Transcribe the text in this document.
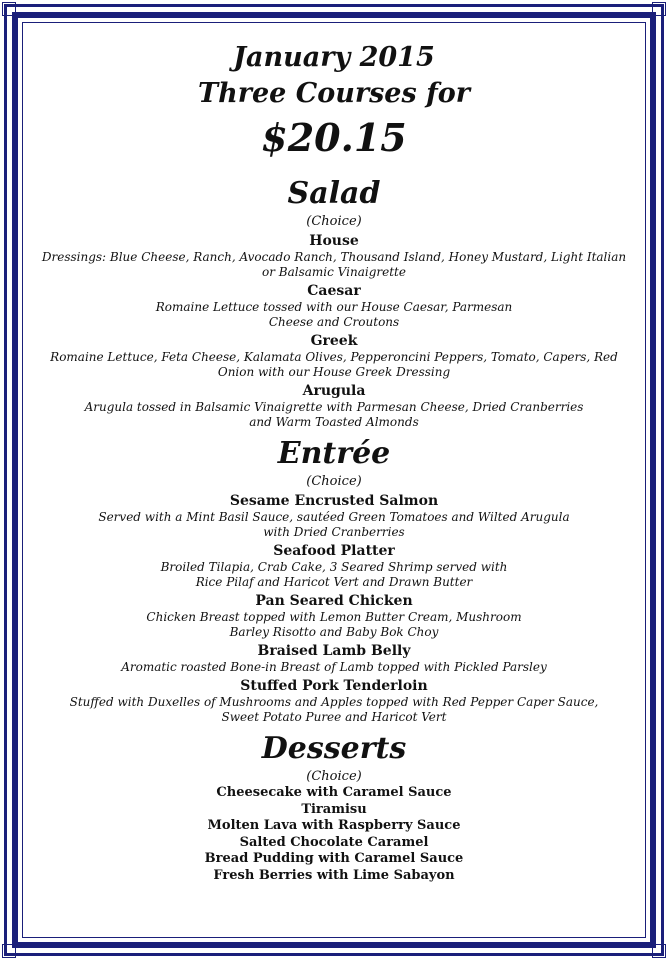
January 2015

Three Courses for

$20.15

Salad

(Choice)

House

Dressings: Blue Cheese, Ranch, Avocado Ranch, Thousand Island, Honey Mustard, Light Italian
or Balsamic Vinaigrette

Caesar

Romaine Lettuce tossed with our House Caesar, Parmesan
Cheese and Croutons

Greek

Romaine Lettuce, Feta Cheese, Kalamata Olives, Pepperoncini Peppers, Tomato, Capers, Red
Onion with our House Greek Dressing

Arugula

Arugula tossed in Balsamic Vinaigrette with Parmesan Cheese, Dried Cranberries
and Warm Toasted Almonds

Entrée

(Choice)

Sesame Encrusted Salmon

Served with a Mint Basil Sauce, sautéed Green Tomatoes and Wilted Arugula
with Dried Cranberries

Seafood Platter

Broiled Tilapia, Crab Cake, 3 Seared Shrimp served with
Rice Pilaf and Haricot Vert and Drawn Butter

Pan Seared Chicken

Chicken Breast topped with Lemon Butter Cream, Mushroom
Barley Risotto and Baby Bok Choy

Braised Lamb Belly

Aromatic roasted Bone-in Breast of Lamb topped with Pickled Parsley

Stuffed Pork Tenderloin

Stuffed with Duxelles of Mushrooms and Apples topped with Red Pepper Caper Sauce,
Sweet Potato Puree and Haricot Vert

Desserts

(Choice)

Cheesecake with Caramel Sauce

Tiramisu

Molten Lava with Raspberry Sauce

Salted Chocolate Caramel

Bread Pudding with Caramel Sauce

Fresh Berries with Lime Sabayon
